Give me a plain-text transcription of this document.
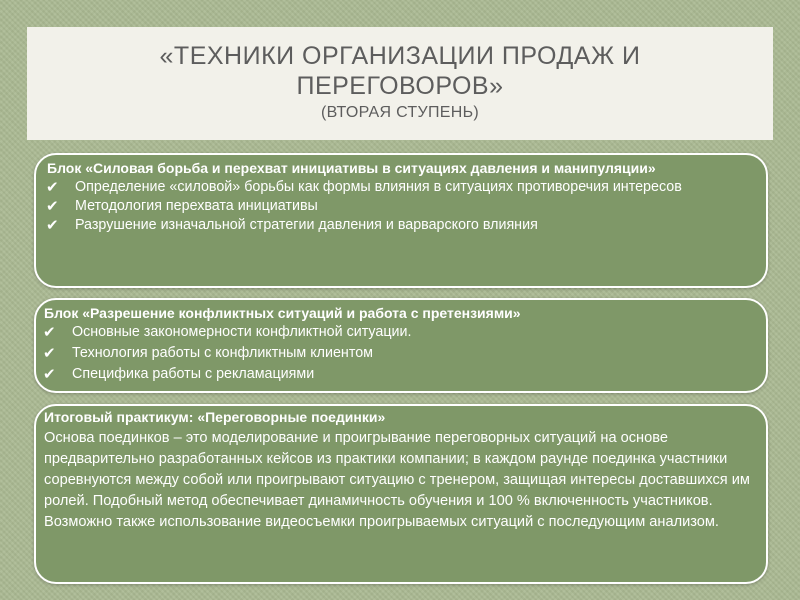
«ТЕХНИКИ ОРГАНИЗАЦИИ ПРОДАЖ И
ПЕРЕГОВОРОВ»
(ВТОРАЯ СТУПЕНЬ)
Блок «Силовая борьба и перехват инициативы в ситуациях давления и манипуляции»
✔ Определение «силовой» борьбы как формы влияния в ситуациях противоречия интересов
✔ Методология перехвата инициативы
✔ Разрушение изначальной стратегии давления и варварского влияния
Блок «Разрешение конфликтных ситуаций и работа с претензиями»
✔ Основные закономерности конфликтной ситуации.
✔ Технология работы с конфликтным клиентом
✔ Специфика работы с рекламациями
Итоговый практикум: «Переговорные поединки»
Основа поединков – это моделирование и проигрывание переговорных ситуаций на основе предварительно разработанных кейсов из практики компании; в каждом раунде поединка участники соревнуются между собой или проигрывают ситуацию с тренером, защищая интересы доставшихся им ролей. Подобный метод обеспечивает динамичность обучения и 100 % включенность участников. Возможно также использование видеосъемки проигрываемых ситуаций с последующим анализом.
